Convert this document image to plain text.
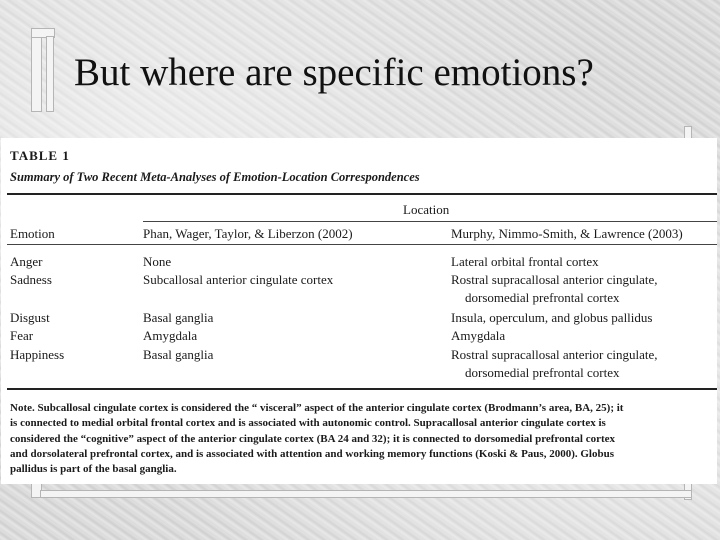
But where are specific emotions?
TABLE 1
Summary of Two Recent Meta-Analyses of Emotion-Location Correspondences
Location
Emotion	Phan, Wager, Taylor, & Liberzon (2002)	Murphy, Nimmo-Smith, & Lawrence (2003)
Anger	None	Lateral orbital frontal cortex
Sadness	Subcallosal anterior cingulate cortex	Rostral supracallosal anterior cingulate,
dorsomedial prefrontal cortex
Disgust	Basal ganglia	Insula, operculum, and globus pallidus
Fear	Amygdala	Amygdala
Happiness	Basal ganglia	Rostral supracallosal anterior cingulate,
dorsomedial prefrontal cortex

Note. Subcallosal cingulate cortex is considered the “ visceral” aspect of the anterior cingulate cortex (Brodmann’s area, BA, 25); it

is connected to medial orbital frontal cortex and is associated with autonomic control. Supracallosal anterior cingulate cortex is

considered the “cognitive” aspect of the anterior cingulate cortex (BA 24 and 32); it is connected to dorsomedial prefrontal cortex

and dorsolateral prefrontal cortex, and is associated with attention and working memory functions (Koski & Paus, 2000). Globus

pallidus is part of the basal ganglia.
